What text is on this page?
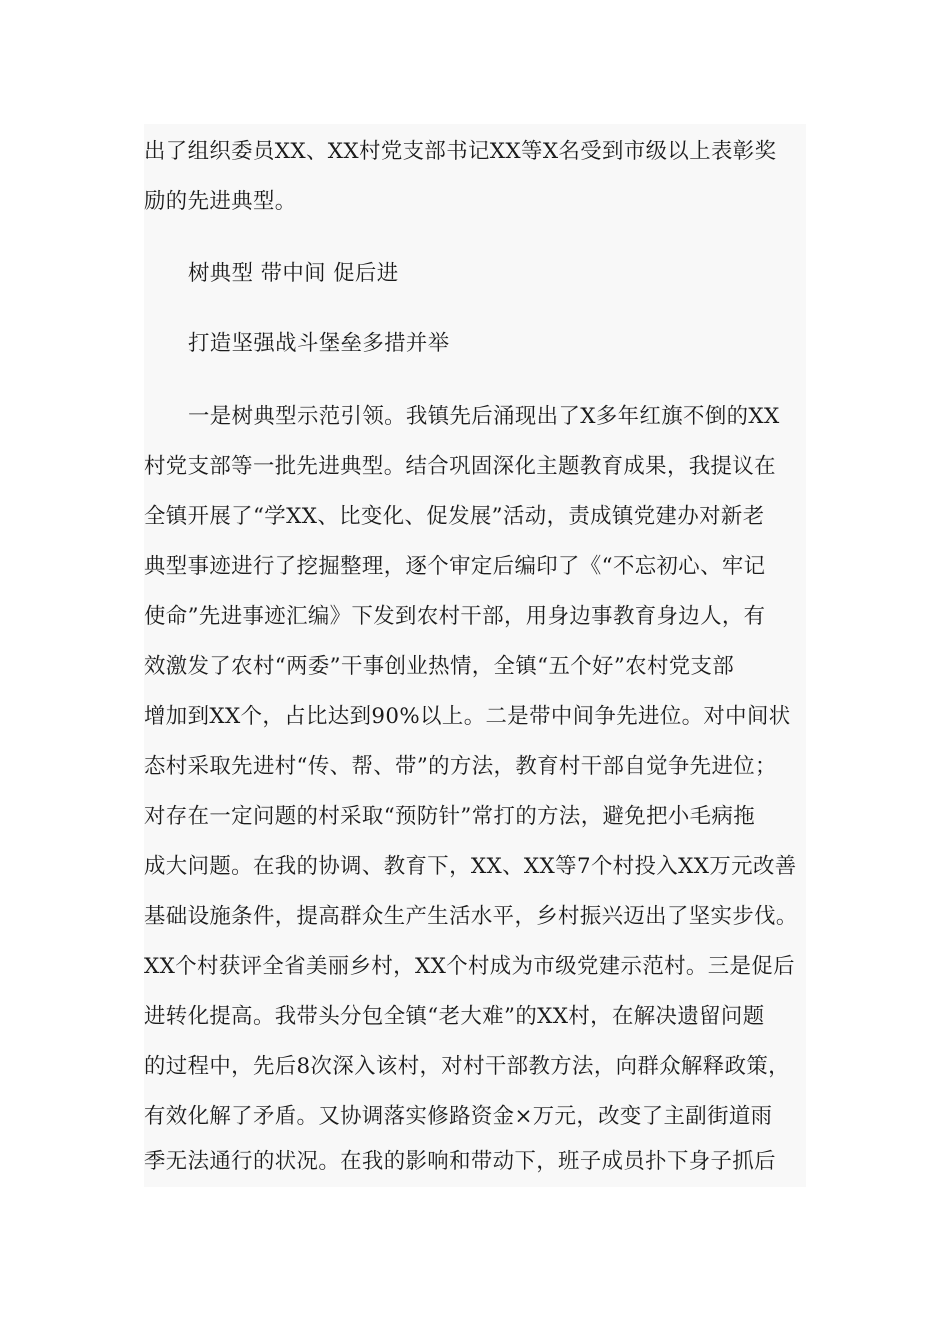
出了组织委员XX、XX村党支部书记XX等X名受到市级以上表彰奖
励的先进典型。
树典型 带中间 促后进
打造坚强战斗堡垒多措并举
一是树典型示范引领。我镇先后涌现出了X多年红旗不倒的XX
村党支部等一批先进典型。结合巩固深化主题教育成果，我提议在
全镇开展了“学XX、比变化、促发展”活动，责成镇党建办对新老
典型事迹进行了挖掘整理，逐个审定后编印了《“不忘初心、牢记
使命”先进事迹汇编》下发到农村干部，用身边事教育身边人，有
效激发了农村“两委”干事创业热情，全镇“五个好”农村党支部
增加到XX个，占比达到90%以上。二是带中间争先进位。对中间状
态村采取先进村“传、帮、带”的方法，教育村干部自觉争先进位；
对存在一定问题的村采取“预防针”常打的方法，避免把小毛病拖
成大问题。在我的协调、教育下，XX、XX等7个村投入XX万元改善
基础设施条件，提高群众生产生活水平，乡村振兴迈出了坚实步伐。
XX个村获评全省美丽乡村，XX个村成为市级党建示范村。三是促后
进转化提高。我带头分包全镇“老大难”的XX村，在解决遗留问题
的过程中，先后8次深入该村，对村干部教方法，向群众解释政策，
有效化解了矛盾。又协调落实修路资金×万元，改变了主副街道雨
季无法通行的状况。在我的影响和带动下，班子成员扑下身子抓后
